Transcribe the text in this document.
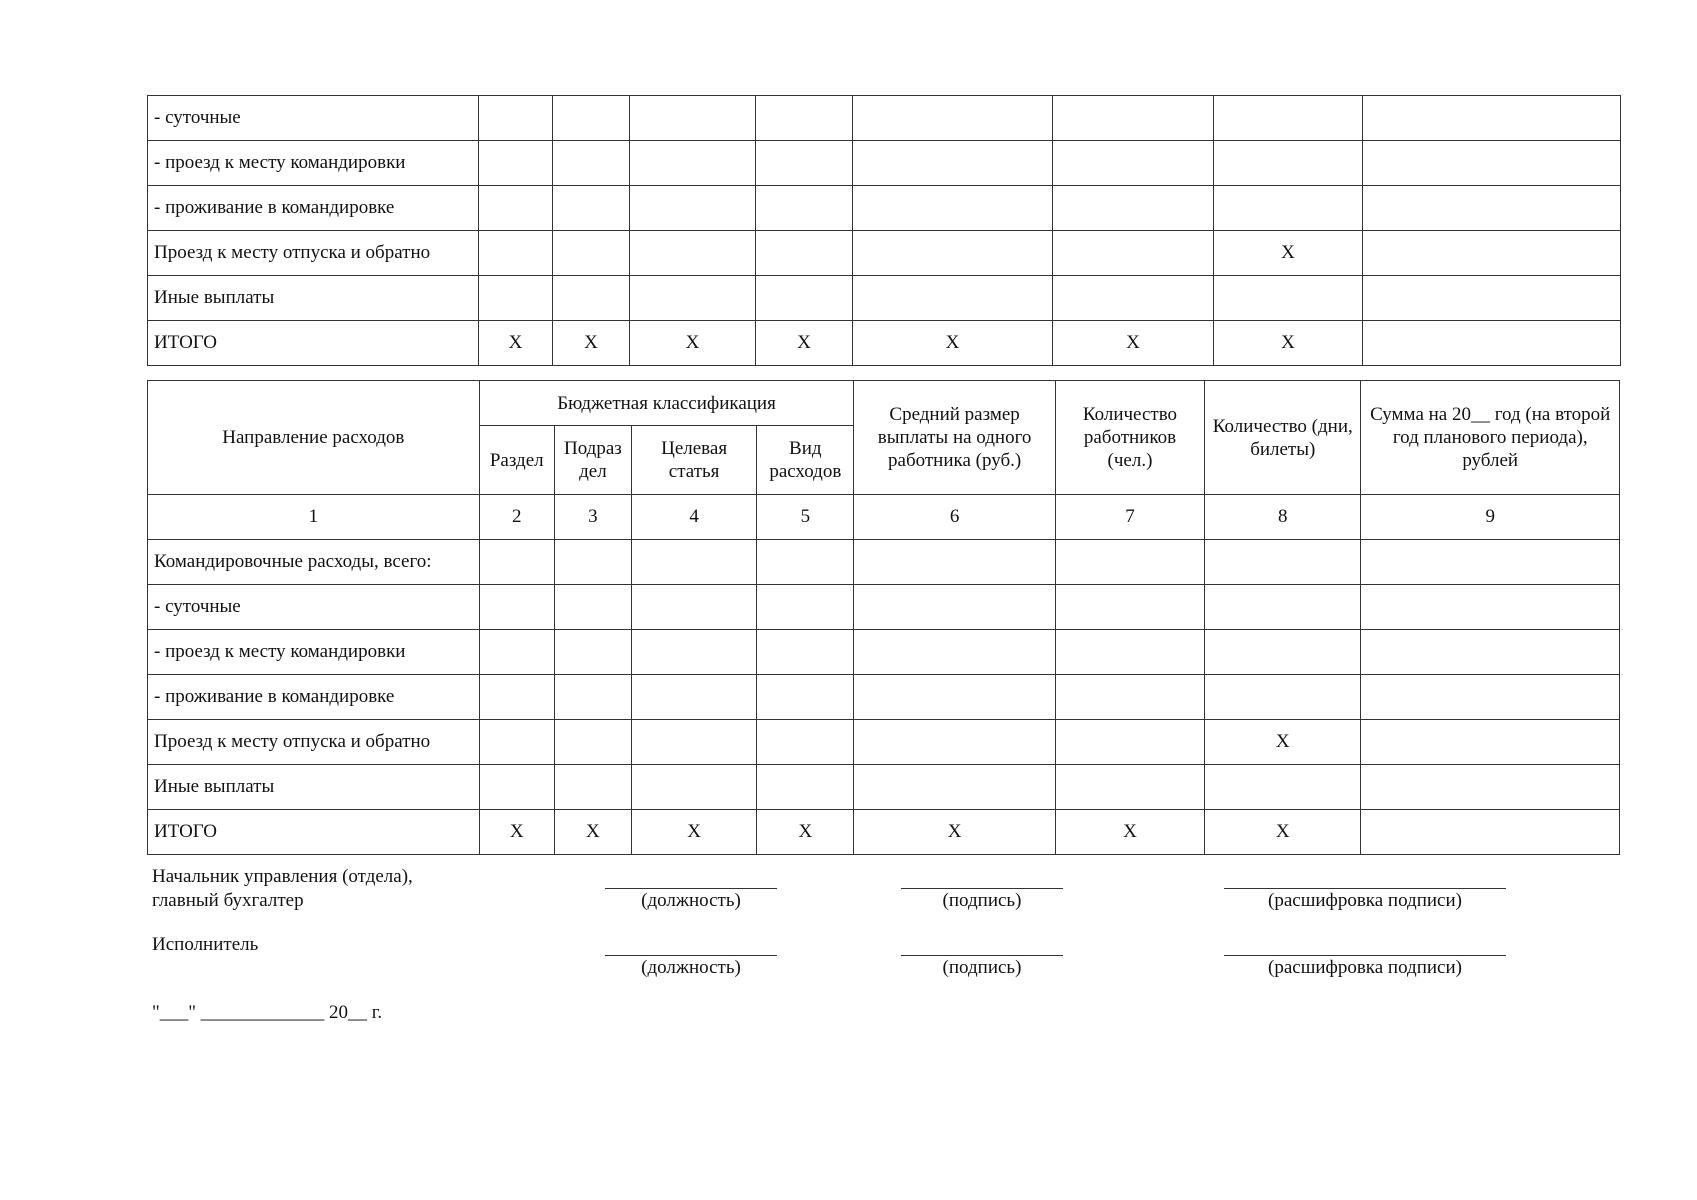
- суточные								
- проезд к месту командировки								
- проживание в командировке								
Проезд к месту отпуска и обратно							X	
Иные выплаты								
ИТОГО	X	X	X	X	X	X	X	
Направление расходов	Бюджетная классификация				Средний размер выплаты на одного работника (руб.)	Количество работников (чел.)	Количество (дни, билеты)	Сумма на 20__ год (на второй год планового периода), рублей
	Раздел	Подраз дел	Целевая статья	Вид расходов				
1	2	3	4	5	6	7	8	9
Командировочные расходы, всего:								
- суточные								
- проезд к месту командировки								
- проживание в командировке								
Проезд к месту отпуска и обратно							X	
Иные выплаты								
ИТОГО	X	X	X	X	X	X	X	
Начальник управления (отдела),
главный бухгалтер	(должность)	(подпись)	(расшифровка подписи)
Исполнитель
(должность)	(подпись)	(расшифровка подписи)
"___" _____________ 20__ г.
